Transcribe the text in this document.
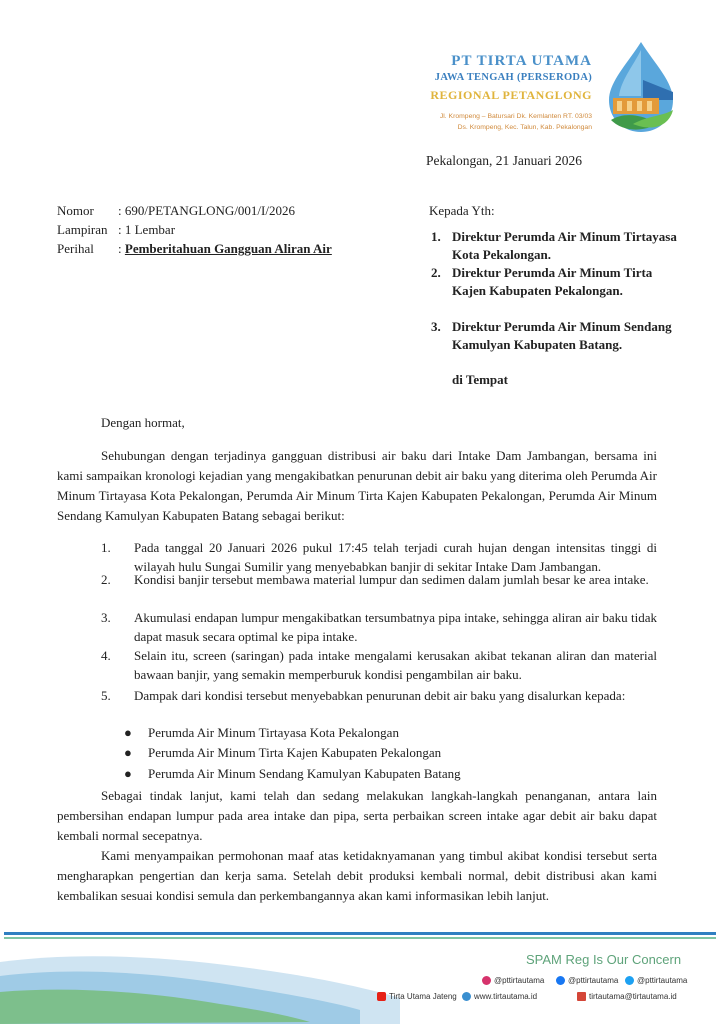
PT TIRTA UTAMA
JAWA TENGAH (PERSERODA)
REGIONAL PETANGLONG
Jl. Krompeng – Batursari Dk. Kemlanten RT. 03/03
Ds. Krompeng, Kec. Talun, Kab. Pekalongan
Pekalongan, 21 Januari 2026
Nomor : 690/PETANGLONG/001/I/2026
Lampiran : 1 Lembar
Perihal : Pemberitahuan Gangguan Aliran Air
Kepada Yth:
1. Direktur Perumda Air Minum Tirtayasa Kota Pekalongan.
2. Direktur Perumda Air Minum Tirta Kajen Kabupaten Pekalongan.
3. Direktur Perumda Air Minum Sendang Kamulyan Kabupaten Batang.
di Tempat
Dengan hormat,
Sehubungan dengan terjadinya gangguan distribusi air baku dari Intake Dam Jambangan, bersama ini kami sampaikan kronologi kejadian yang mengakibatkan penurunan debit air baku yang diterima oleh Perumda Air Minum Tirtayasa Kota Pekalongan, Perumda Air Minum Tirta Kajen Kabupaten Pekalongan, Perumda Air Minum Sendang Kamulyan Kabupaten Batang sebagai berikut:
1.	Pada tanggal 20 Januari 2026 pukul 17:45 telah terjadi curah hujan dengan intensitas tinggi di wilayah hulu Sungai Sumilir yang menyebabkan banjir di sekitar Intake Dam Jambangan.
2.	Kondisi banjir tersebut membawa material lumpur dan sedimen dalam jumlah besar ke area intake.
3.	Akumulasi endapan lumpur mengakibatkan tersumbatnya pipa intake, sehingga aliran air baku tidak dapat masuk secara optimal ke pipa intake.
4.	Selain itu, screen (saringan) pada intake mengalami kerusakan akibat tekanan aliran dan material bawaan banjir, yang semakin memperburuk kondisi pengambilan air baku.
5.	Dampak dari kondisi tersebut menyebabkan penurunan debit air baku yang disalurkan kepada:
● Perumda Air Minum Tirtayasa Kota Pekalongan
● Perumda Air Minum Tirta Kajen Kabupaten Pekalongan
● Perumda Air Minum Sendang Kamulyan Kabupaten Batang
Sebagai tindak lanjut, kami telah dan sedang melakukan langkah-langkah penanganan, antara lain pembersihan endapan lumpur pada area intake dan pipa, serta perbaikan screen intake agar debit air baku dapat kembali normal secepatnya.
Kami menyampaikan permohonan maaf atas ketidaknyamanan yang timbul akibat kondisi tersebut serta mengharapkan pengertian dan kerja sama. Setelah debit produksi kembali normal, debit distribusi akan kami kembalikan sesuai kondisi semula dan perkembangannya akan kami informasikan lebih lanjut.
SPAM Reg Is Our Concern
@pttirtautama	@pttirtautama @pttirtautama
Tirta Utama Jateng www.tirtautama.id	tirtautama@tirtautama.id
